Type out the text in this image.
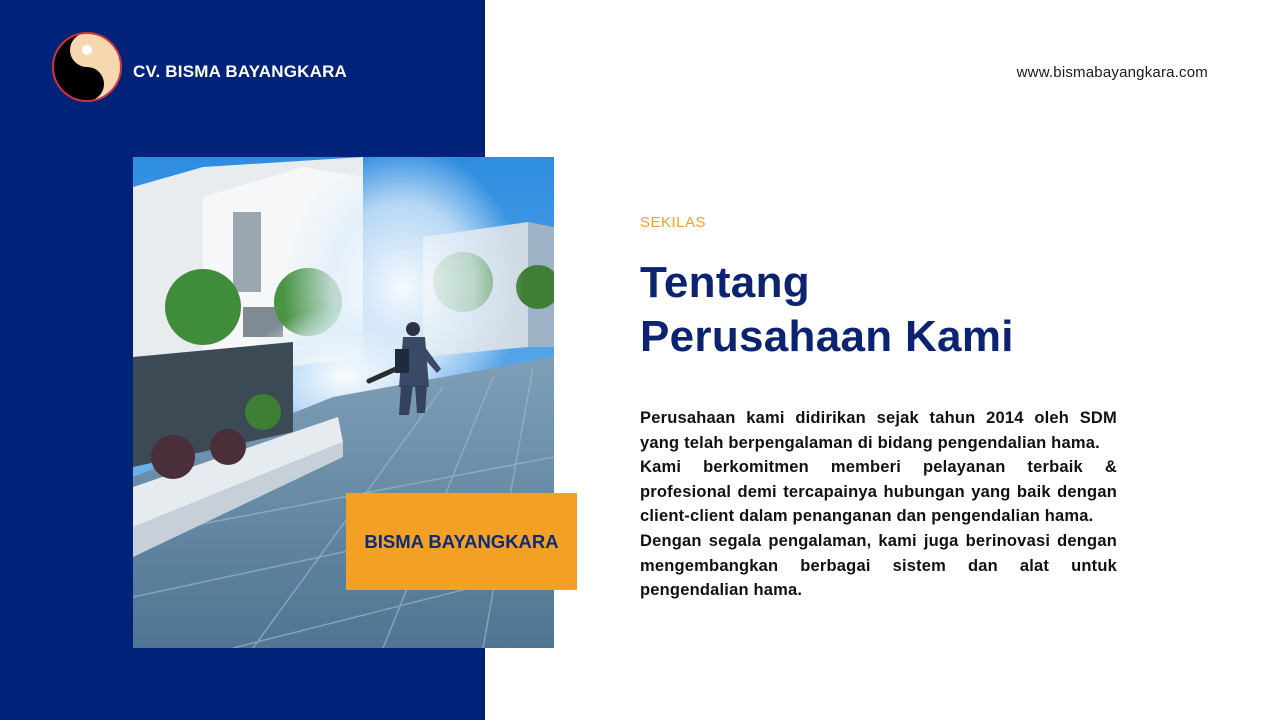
CV. BISMA BAYANGKARA	www.bismabayangkara.com
BISMA BAYANGKARA
SEKILAS
Tentang
Perusahaan Kami

Perusahaan kami didirikan sejak tahun 2014 oleh SDM yang telah berpengalaman di bidang pengendalian hama.

Kami berkomitmen memberi pelayanan terbaik & profesional demi tercapainya hubungan yang baik dengan client-client dalam penanganan dan pengendalian hama.

Dengan segala pengalaman, kami juga berinovasi dengan mengembangkan berbagai sistem dan alat untuk pengendalian hama.
